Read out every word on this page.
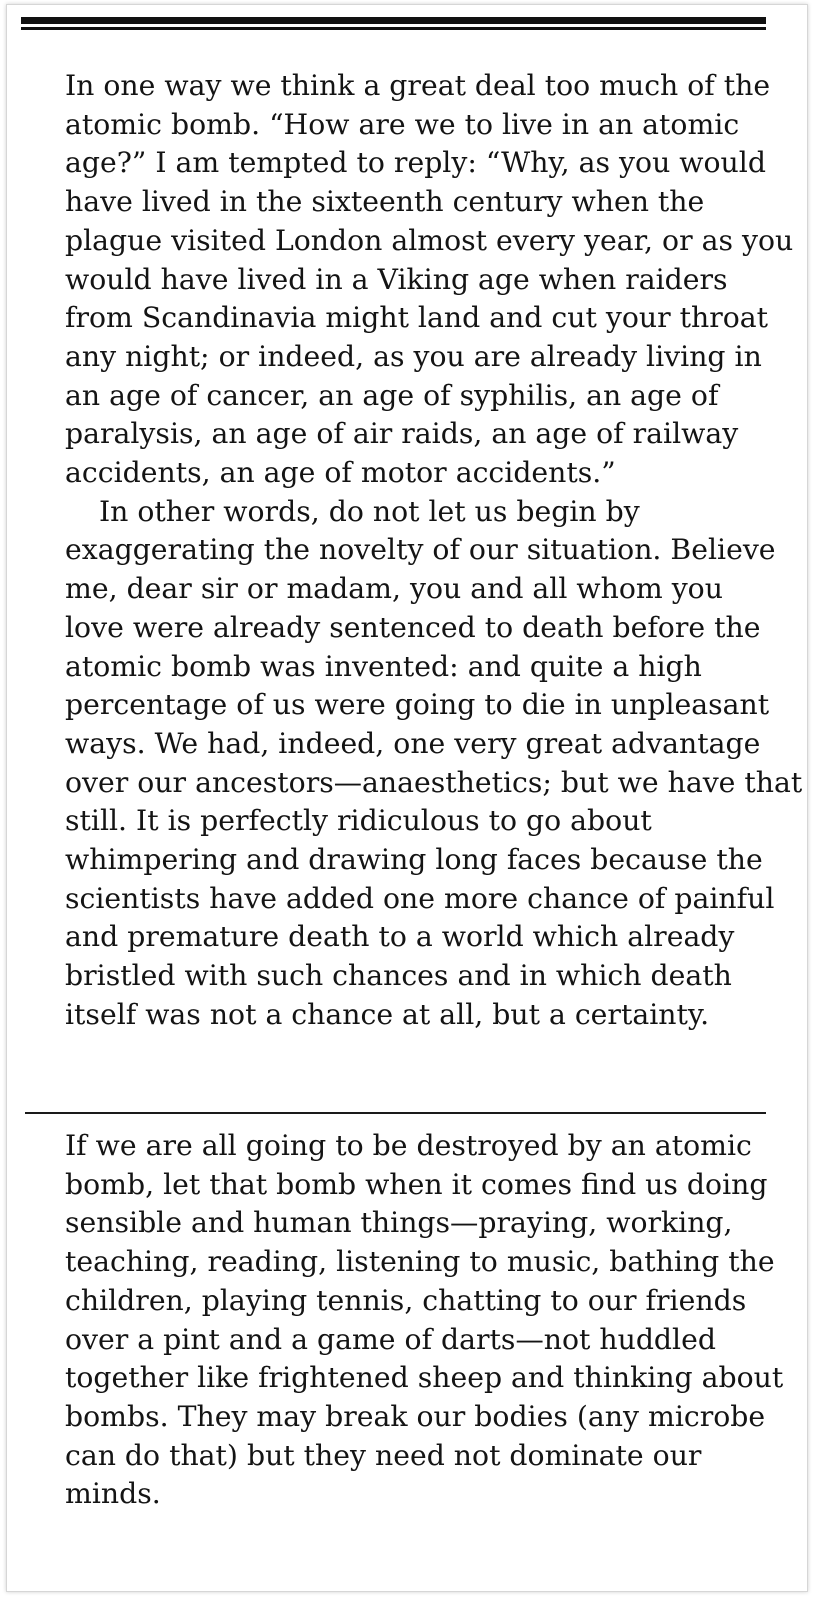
In one way we think a great deal too much of the
atomic bomb. “How are we to live in an atomic
age?” I am tempted to reply: “Why, as you would
have lived in the sixteenth century when the
plague visited London almost every year, or as you
would have lived in a Viking age when raiders
from Scandinavia might land and cut your throat
any night; or indeed, as you are already living in
an age of cancer, an age of syphilis, an age of
paralysis, an age of air raids, an age of railway
accidents, an age of motor accidents.”
In other words, do not let us begin by
exaggerating the novelty of our situation. Believe
me, dear sir or madam, you and all whom you
love were already sentenced to death before the
atomic bomb was invented: and quite a high
percentage of us were going to die in unpleasant
ways. We had, indeed, one very great advantage
over our ancestors—anaesthetics; but we have that
still. It is perfectly ridiculous to go about
whimpering and drawing long faces because the
scientists have added one more chance of painful
and premature death to a world which already
bristled with such chances and in which death
itself was not a chance at all, but a certainty.
If we are all going to be destroyed by an atomic
bomb, let that bomb when it comes find us doing
sensible and human things—praying, working,
teaching, reading, listening to music, bathing the
children, playing tennis, chatting to our friends
over a pint and a game of darts—not huddled
together like frightened sheep and thinking about
bombs. They may break our bodies (any microbe
can do that) but they need not dominate our
minds.
